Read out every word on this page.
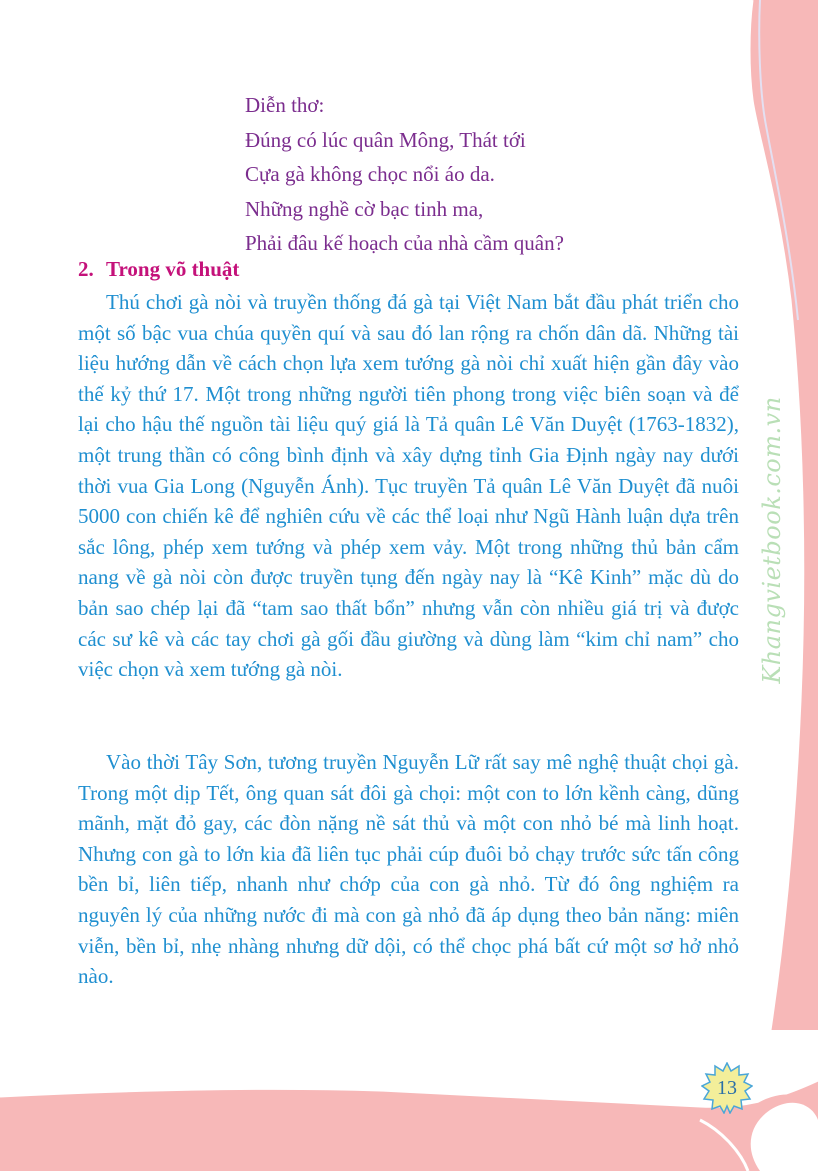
Diễn thơ:
Đúng có lúc quân Mông, Thát tới
Cựa gà không chọc nổi áo da.
Những nghề cờ bạc tinh ma,
Phải đâu kế hoạch của nhà cầm quân?
2. Trong võ thuật
Thú chơi gà nòi và truyền thống đá gà tại Việt Nam bắt đầu phát triển cho một số bậc vua chúa quyền quí và sau đó lan rộng ra chốn dân dã. Những tài liệu hướng dẫn về cách chọn lựa xem tướng gà nòi chỉ xuất hiện gần đây vào thế kỷ thứ 17. Một trong những người tiên phong trong việc biên soạn và để lại cho hậu thế nguồn tài liệu quý giá là Tả quân Lê Văn Duyệt (1763-1832), một trung thần có công bình định và xây dựng tỉnh Gia Định ngày nay dưới thời vua Gia Long (Nguyễn Ánh). Tục truyền Tả quân Lê Văn Duyệt đã nuôi 5000 con chiến kê để nghiên cứu về các thể loại như Ngũ Hành luận dựa trên sắc lông, phép xem tướng và phép xem vảy. Một trong những thủ bản cẩm nang về gà nòi còn được truyền tụng đến ngày nay là “Kê Kinh” mặc dù do bản sao chép lại đã “tam sao thất bổn” nhưng vẫn còn nhiều giá trị và được các sư kê và các tay chơi gà gối đầu giường và dùng làm “kim chỉ nam” cho việc chọn và xem tướng gà nòi.
Vào thời Tây Sơn, tương truyền Nguyễn Lữ rất say mê nghệ thuật chọi gà. Trong một dịp Tết, ông quan sát đôi gà chọi: một con to lớn kềnh càng, dũng mãnh, mặt đỏ gay, các đòn nặng nề sát thủ và một con nhỏ bé mà linh hoạt. Nhưng con gà to lớn kia đã liên tục phải cúp đuôi bỏ chạy trước sức tấn công bền bỉ, liên tiếp, nhanh như chớp của con gà nhỏ. Từ đó ông nghiệm ra nguyên lý của những nước đi mà con gà nhỏ đã áp dụng theo bản năng: miên viễn, bền bỉ, nhẹ nhàng nhưng dữ dội, có thể chọc phá bất cứ một sơ hở nhỏ nào.
Khangvietbook.com.vn
13
